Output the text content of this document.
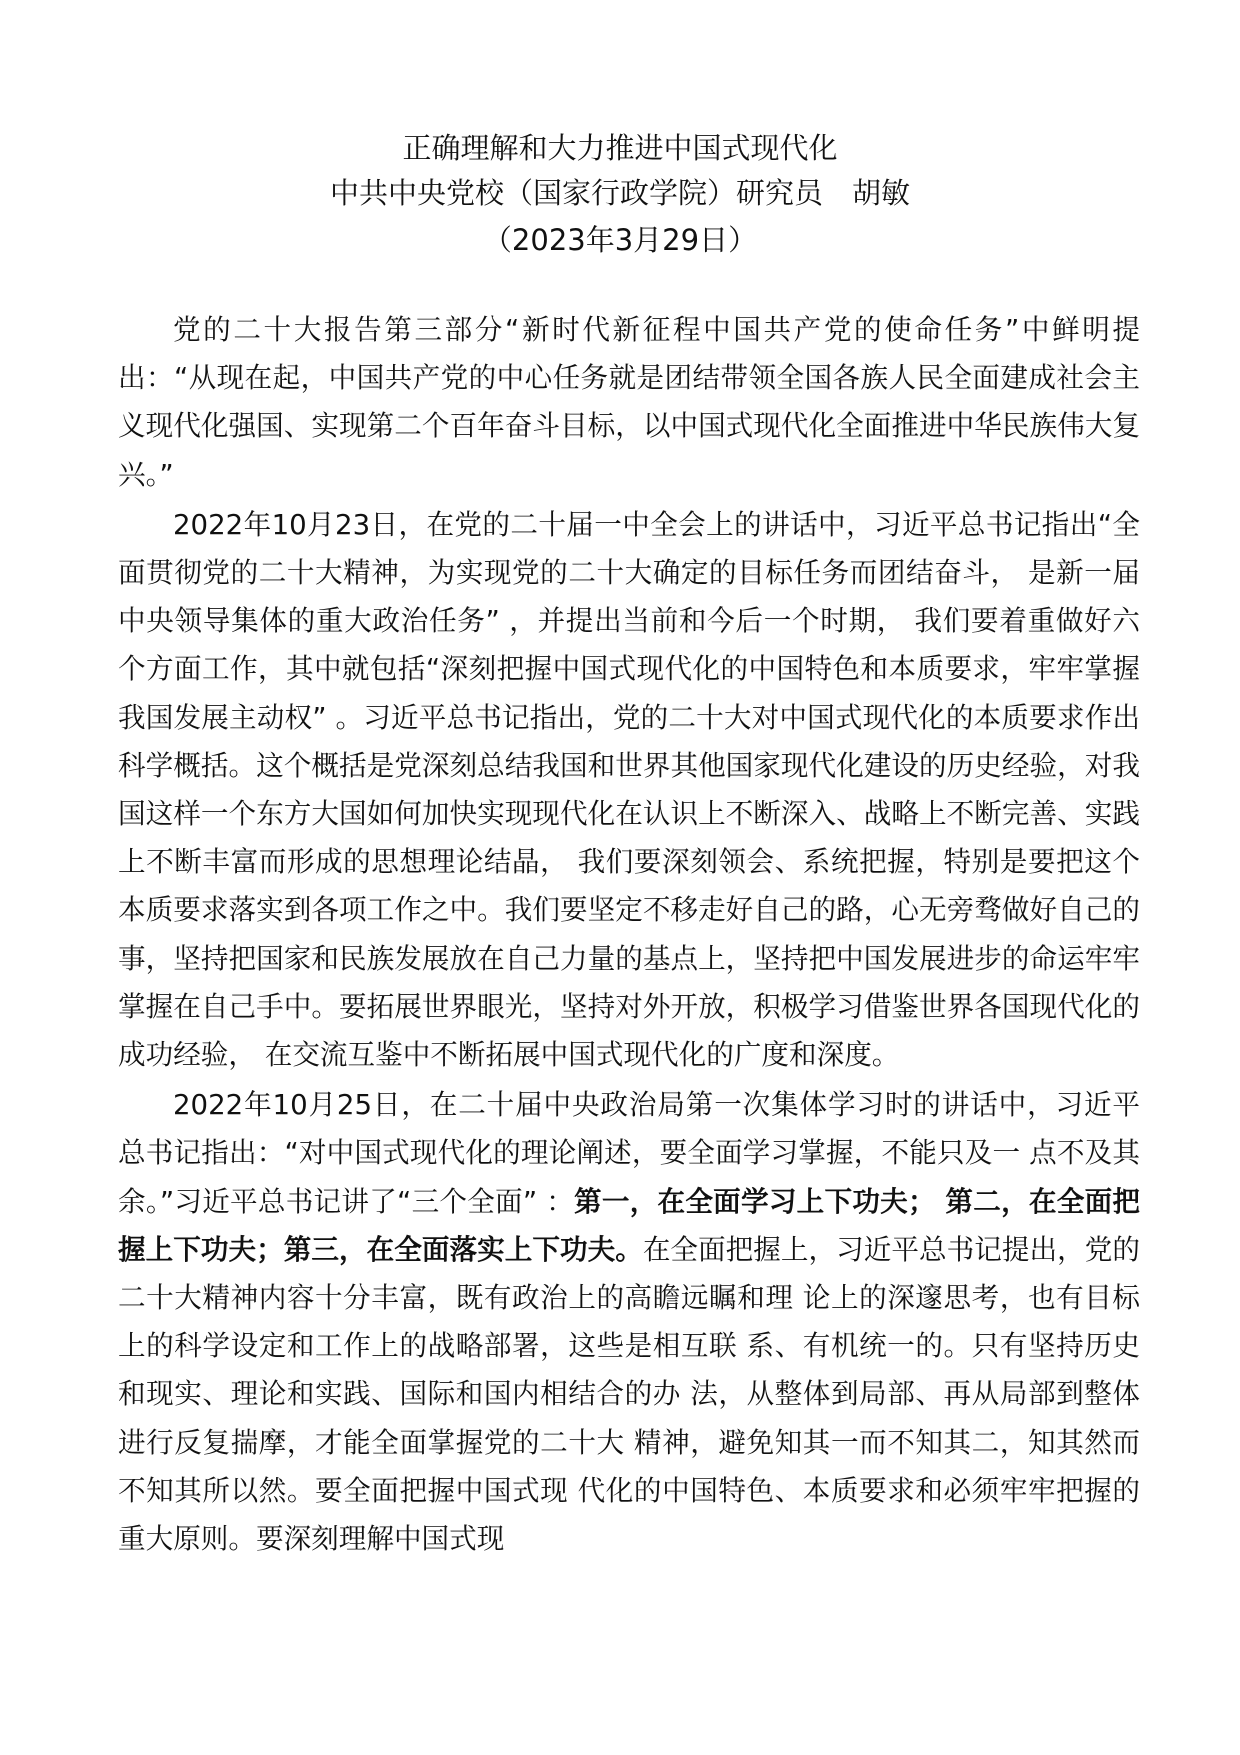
正确理解和大力推进中国式现代化
中共中央党校（国家行政学院）研究员　胡敏
（2023年3月29日）

党的二十大报告第三部分“新时代新征程中国共产党的使命任务”中鲜明提出：“从现在起，中国共产党的中心任务就是团结带领全国各族人民全面建成社会主义现代化强国、实现第二个百年奋斗目标，以中国式现代化全面推进中华民族伟大复兴。”

2022年10月23日，在党的二十届一中全会上的讲话中，习近平总书记指出“全面贯彻党的二十大精神，为实现党的二十大确定的目标任务而团结奋斗， 是新一届中央领导集体的重大政治任务” ，并提出当前和今后一个时期， 我们要着重做好六个方面工作，其中就包括“深刻把握中国式现代化的中国特色和本质要求，牢牢掌握我国发展主动权” 。习近平总书记指出，党的二十大对中国式现代化的本质要求作出科学概括。这个概括是党深刻总结我国和世界其他国家现代化建设的历史经验，对我国这样一个东方大国如何加快实现现代化在认识上不断深入、战略上不断完善、实践上不断丰富而形成的思想理论结晶， 我们要深刻领会、系统把握，特别是要把这个本质要求落实到各项工作之中。我们要坚定不移走好自己的路，心无旁骛做好自己的事，坚持把国家和民族发展放在自己力量的基点上，坚持把中国发展进步的命运牢牢掌握在自己手中。要拓展世界眼光，坚持对外开放，积极学习借鉴世界各国现代化的成功经验， 在交流互鉴中不断拓展中国式现代化的广度和深度。

2022年10月25日，在二十届中央政治局第一次集体学习时的讲话中，习近平总书记指出：“对中国式现代化的理论阐述，要全面学习掌握，不能只及一 点不及其余。”习近平总书记讲了“三个全面” ：第一，在全面学习上下功夫； 第二，在全面把握上下功夫；第三，在全面落实上下功夫。在全面把握上，习近平总书记提出，党的二十大精神内容十分丰富，既有政治上的高瞻远瞩和理 论上的深邃思考，也有目标上的科学设定和工作上的战略部署，这些是相互联 系、有机统一的。只有坚持历史和现实、理论和实践、国际和国内相结合的办 法，从整体到局部、再从局部到整体进行反复揣摩，才能全面掌握党的二十大 精神，避免知其一而不知其二，知其然而不知其所以然。要全面把握中国式现 代化的中国特色、本质要求和必须牢牢把握的重大原则。要深刻理解中国式现
